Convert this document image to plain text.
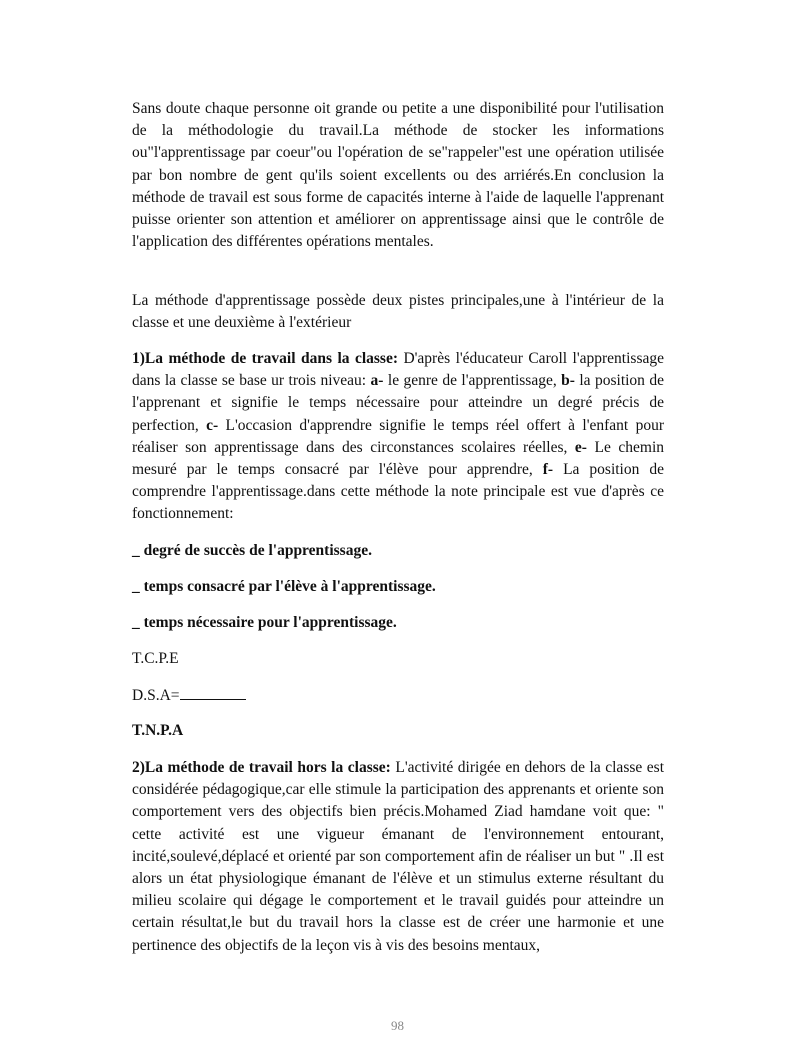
Sans doute chaque personne oit grande ou petite a une disponibilité pour l'utilisation de la méthodologie du travail.La méthode de stocker les informations ou"l'apprentissage par coeur"ou l'opération de se"rappeler"est une opération utilisée par bon nombre de gent qu'ils soient excellents ou des arriérés.En conclusion la méthode de travail est sous forme de capacités interne à l'aide de laquelle l'apprenant puisse orienter son attention et améliorer on apprentissage ainsi que le contrôle de l'application des différentes opérations mentales.

La méthode d'apprentissage possède deux pistes principales,une à l'intérieur de la classe et une deuxième à l'extérieur

1)La méthode de travail dans la classe: D'après l'éducateur Caroll l'apprentissage dans la classe se base ur trois niveau: a- le genre de l'apprentissage, b- la position de l'apprenant et signifie le temps nécessaire pour atteindre un degré précis de perfection, c- L'occasion d'apprendre signifie le temps réel offert à l'enfant pour réaliser son apprentissage dans des circonstances scolaires réelles, e- Le chemin mesuré par le temps consacré par l'élève pour apprendre, f- La position de comprendre l'apprentissage.dans cette méthode la note principale est vue d'après ce fonctionnement:

_ degré de succès de l'apprentissage.

_ temps consacré par l'élève à l'apprentissage.

_ temps nécessaire pour l'apprentissage.

T.C.P.E

D.S.A=

T.N.P.A

2)La méthode de travail hors la classe: L'activité dirigée en dehors de la classe est considérée pédagogique,car elle stimule la participation des apprenants et oriente son comportement vers des objectifs bien précis.Mohamed Ziad hamdane voit que: " cette activité est une vigueur émanant de l'environnement entourant, incité,soulevé,déplacé et orienté par son comportement afin de réaliser un but " .Il est alors un état physiologique émanant de l'élève et un stimulus externe résultant du milieu scolaire qui dégage le comportement et le travail guidés pour atteindre un certain résultat,le but du travail hors la classe est de créer une harmonie et une pertinence des objectifs de la leçon vis à vis des besoins mentaux,

98
